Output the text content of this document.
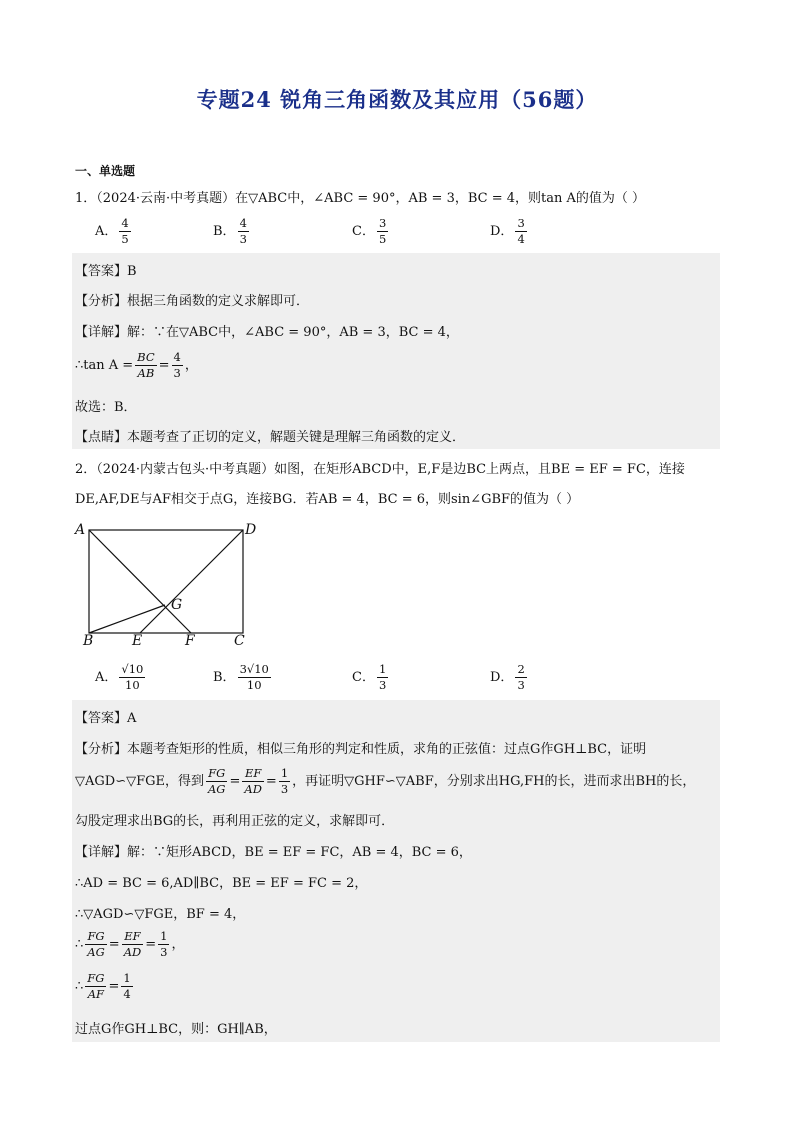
专题24 锐角三角函数及其应用（56题）
一、单选题
1．（2024·云南·中考真题）在▽ABC中，∠ABC = 90°，AB = 3，BC = 4，则tan A的值为（ ）
A． $\frac{4}{5}$	B． $\frac{4}{3}$	C． $\frac{3}{5}$	D． $\frac{3}{4}$
【答案】B
【分析】根据三角函数的定义求解即可．
【详解】解：∵在▽ABC中，∠ABC = 90°，AB = 3，BC = 4，
∴tan $A = \frac{BC}{AB} = \frac{4}{3}$ ，
故选：B．
【点睛】本题考查了正切的定义，解题关键是理解三角函数的定义．
2．（2024·内蒙古包头·中考真题）如图，在矩形ABCD中，E,F是边BC上两点，且BE = EF = FC，连接
DE,AF,DE与AF相交于点G，连接BG．若AB = 4，BC = 6，则sin∠GBF的值为（ ）
A	D
G
B	E	F	C
A． $\frac{√10}{10}$	B． $\frac{3√10}{10}$	C． $\frac{1}{3}$	D． $\frac{2}{3}$
【答案】A
【分析】本题考查矩形的性质，相似三角形的判定和性质，求角的正弦值：过点G作GH⊥BC，证明
▽AGD∽▽FGE，得到 $\frac{FG}{AG} = \frac{EF}{AD} = \frac{1}{3}$ ，再证明▽GHF∽▽ABF，分别求出HG,FH的长，进而求出BH的长，
勾股定理求出BG的长，再利用正弦的定义，求解即可．
【详解】解：∵矩形ABCD，BE = EF = FC，AB = 4，BC = 6，
∴AD = BC = 6,AD∥BC，BE = EF = FC = 2，
∴▽AGD∽▽FGE，BF = 4，
∴ $\frac{FG}{AG} = \frac{EF}{AD} = \frac{1}{3}$ ，
∴ $\frac{FG}{AF} = \frac{1}{4}$
过点G作GH⊥BC，则：GH∥AB，
